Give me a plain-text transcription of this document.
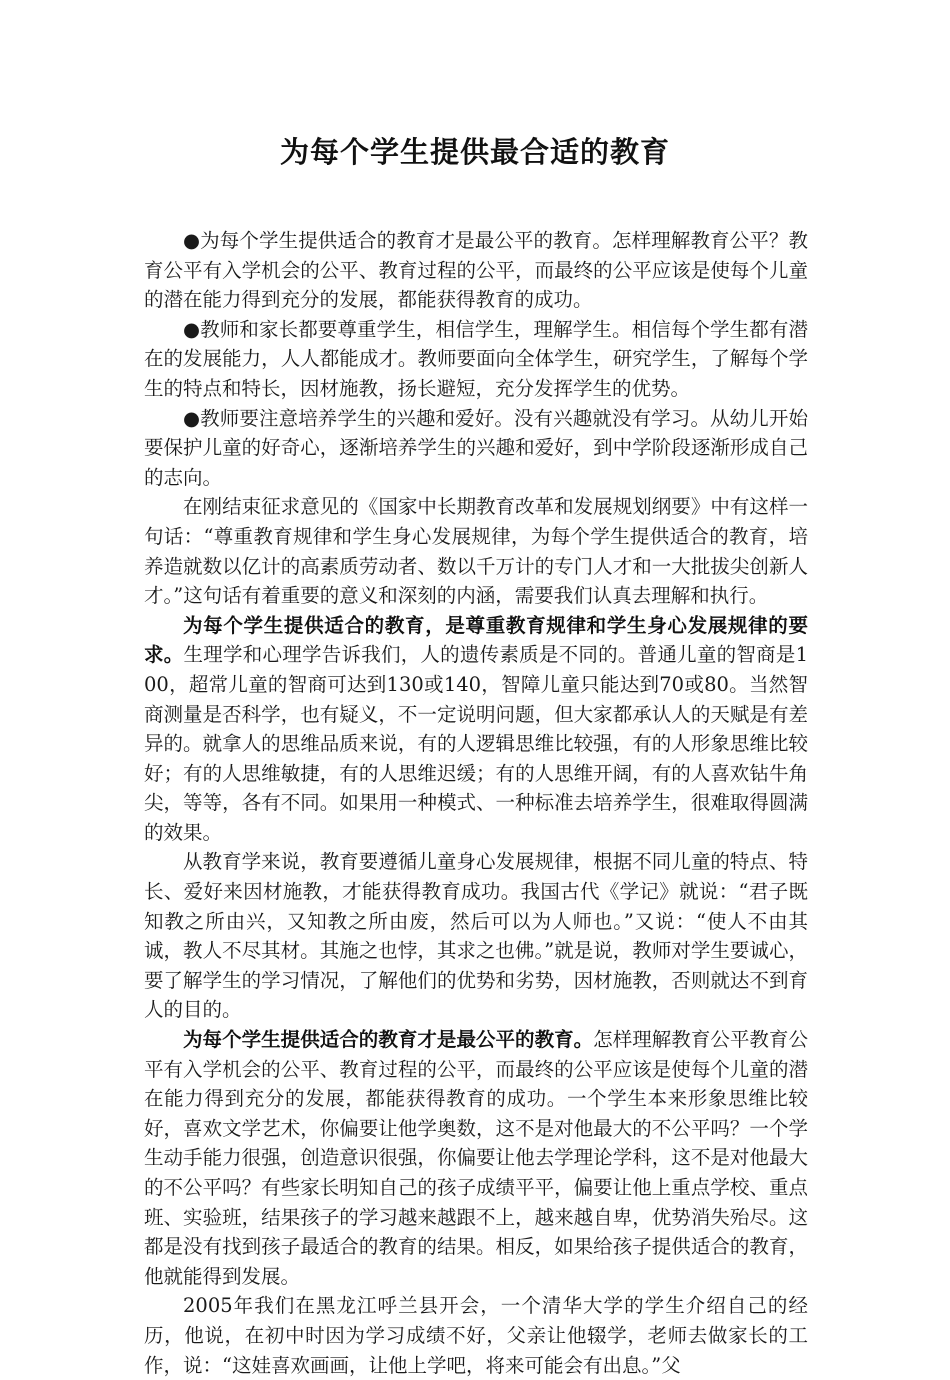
为每个学生提供最合适的教育

●为每个学生提供适合的教育才是最公平的教育。怎样理解教育公平？教育公平有入学机会的公平、教育过程的公平，而最终的公平应该是使每个儿童的潜在能力得到充分的发展，都能获得教育的成功。

●教师和家长都要尊重学生，相信学生，理解学生。相信每个学生都有潜在的发展能力，人人都能成才。教师要面向全体学生，研究学生，了解每个学生的特点和特长，因材施教，扬长避短，充分发挥学生的优势。

●教师要注意培养学生的兴趣和爱好。没有兴趣就没有学习。从幼儿开始要保护儿童的好奇心，逐渐培养学生的兴趣和爱好，到中学阶段逐渐形成自己的志向。

在刚结束征求意见的《国家中长期教育改革和发展规划纲要》中有这样一句话：“尊重教育规律和学生身心发展规律，为每个学生提供适合的教育，培养造就数以亿计的高素质劳动者、数以千万计的专门人才和一大批拔尖创新人才。”这句话有着重要的意义和深刻的内涵，需要我们认真去理解和执行。

为每个学生提供适合的教育，是尊重教育规律和学生身心发展规律的要求。生理学和心理学告诉我们，人的遗传素质是不同的。普通儿童的智商是100，超常儿童的智商可达到130或140，智障儿童只能达到70或80。当然智商测量是否科学，也有疑义，不一定说明问题，但大家都承认人的天赋是有差异的。就拿人的思维品质来说，有的人逻辑思维比较强，有的人形象思维比较好；有的人思维敏捷，有的人思维迟缓；有的人思维开阔，有的人喜欢钻牛角尖，等等，各有不同。如果用一种模式、一种标准去培养学生，很难取得圆满的效果。

从教育学来说，教育要遵循儿童身心发展规律，根据不同儿童的特点、特长、爱好来因材施教，才能获得教育成功。我国古代《学记》就说：“君子既知教之所由兴，又知教之所由废，然后可以为人师也。”又说：“使人不由其诚，教人不尽其材。其施之也悖，其求之也佛。”就是说，教师对学生要诚心，要了解学生的学习情况，了解他们的优势和劣势，因材施教，否则就达不到育人的目的。

为每个学生提供适合的教育才是最公平的教育。怎样理解教育公平教育公平有入学机会的公平、教育过程的公平，而最终的公平应该是使每个儿童的潜在能力得到充分的发展，都能获得教育的成功。一个学生本来形象思维比较好，喜欢文学艺术，你偏要让他学奥数，这不是对他最大的不公平吗？一个学生动手能力很强，创造意识很强，你偏要让他去学理论学科，这不是对他最大的不公平吗？有些家长明知自己的孩子成绩平平，偏要让他上重点学校、重点班、实验班，结果孩子的学习越来越跟不上，越来越自卑，优势消失殆尽。这都是没有找到孩子最适合的教育的结果。相反，如果给孩子提供适合的教育，他就能得到发展。

2005年我们在黑龙江呼兰县开会，一个清华大学的学生介绍自己的经历，他说，在初中时因为学习成绩不好，父亲让他辍学，老师去做家长的工作，说：“这娃喜欢画画，让他上学吧，将来可能会有出息。”父
